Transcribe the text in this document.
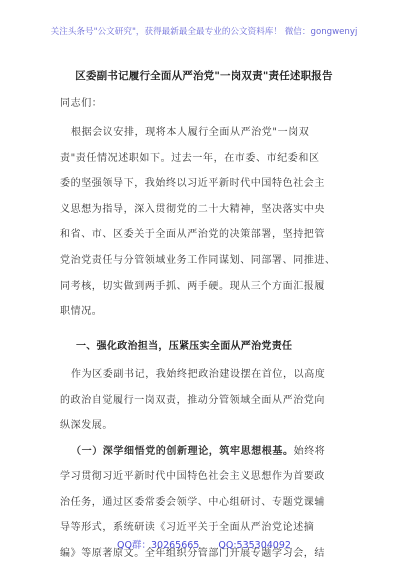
关注头条号"公文研究"，获得最新最全最专业的公文资料库！ 微信：gongwenyj
区委副书记履行全面从严治党"一岗双责"责任述职报告
同志们：
根据会议安排，现将本人履行全面从严治党"一岗双
责"责任情况述职如下。过去一年，在市委、市纪委和区
委的坚强领导下，我始终以习近平新时代中国特色社会主
义思想为指导，深入贯彻党的二十大精神，坚决落实中央
和省、市、区委关于全面从严治党的决策部署，坚持把管
党治党责任与分管领域业务工作同谋划、同部署、同推进、
同考核，切实做到两手抓、两手硬。现从三个方面汇报履
职情况。
一、强化政治担当，压紧压实全面从严治党责任
作为区委副书记，我始终把政治建设摆在首位，以高度
的政治自觉履行一岗双责，推动分管领域全面从严治党向
纵深发展。
（一）深学细悟党的创新理论，筑牢思想根基。始终将
学习贯彻习近平新时代中国特色社会主义思想作为首要政
治任务，通过区委常委会领学、中心组研讨、专题党课辅
导等形式，系统研读《习近平关于全面从严治党论述摘
编》等原著原文。全年组织分管部门开展专题学习会，结
QQ群：30265665 QQ:535304092
